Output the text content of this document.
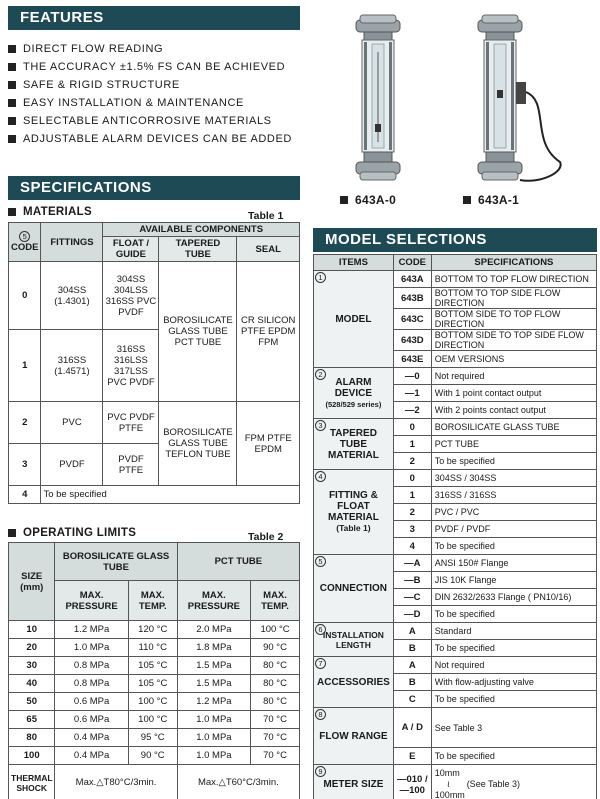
FEATURES
DIRECT FLOW READING
THE ACCURACY ±1.5% FS CAN BE ACHIEVED
SAFE & RIGID STRUCTURE
EASY INSTALLATION & MAINTENANCE
SELECTABLE ANTICORROSIVE MATERIALS
ADJUSTABLE ALARM DEVICES CAN BE ADDED
643A-0	643A-1
SPECIFICATIONS
MATERIALS	Table 1
5
CODE	FITTINGS	AVAILABLE COMPONENTS		
		FLOAT / GUIDE	TAPERED TUBE	SEAL
0	304SS (1.4301)	304SS 304LSS 316SS PVC PVDF	BOROSILICATE GLASS TUBE PCT TUBE	CR SILICON PTFE EPDM FPM
1	316SS (1.4571)	316SS 316LSS 317LSS PVC PVDF		
2	PVC	PVC PVDF PTFE	BOROSILICATE GLASS TUBE TEFLON TUBE	FPM PTFE EPDM
3	PVDF	PVDF PTFE		
4	To be specified			
OPERATING LIMITS	Table 2
SIZE (mm)	BOROSILICATE GLASS TUBE		PCT TUBE	
	MAX. PRESSURE	MAX. TEMP.	MAX. PRESSURE	MAX. TEMP.
10	1.2 MPa	120 °C	2.0 MPa	100 °C
20	1.0 MPa	110 °C	1.8 MPa	90 °C
30	0.8 MPa	105 °C	1.5 MPa	80 °C
40	0.8 MPa	105 °C	1.5 MPa	80 °C
50	0.6 MPa	100 °C	1.2 MPa	80 °C
65	0.6 MPa	100 °C	1.0 MPa	70 °C
80	0.4 MPa	95 °C	1.0 MPa	70 °C
100	0.4 MPa	90 °C	1.0 MPa	70 °C
THERMAL SHOCK	Max.△T80°C/3min.		Max.△T60°C/3min.	
MODEL SELECTIONS
ITEMS	CODE	SPECIFICATIONS

1
MODEL	643A	BOTTOM TO TOP FLOW DIRECTION
	643B	BOTTOM TO TOP SIDE FLOW DIRECTION
	643C	BOTTOM SIDE TO TOP FLOW DIRECTION
	643D	BOTTOM SIDE TO TOP SIDE FLOW DIRECTION
	643E	OEM VERSIONS

2
ALARM DEVICE
(528/529 series)	—0	Not required
	—1	With 1 point contact output
	—2	With 2 points contact output

3
TAPERED TUBE MATERIAL	0	BOROSILICATE GLASS TUBE
	1	PCT TUBE
	2	To be specified

4
FITTING & FLOAT MATERIAL
(Table 1)	0	304SS / 304SS
	1	316SS / 316SS
	2	PVC / PVC
	3	PVDF / PVDF
	4	To be specified

5
CONNECTION	—A	ANSI 150# Flange
	—B	JIS 10K Flange
	—C	DIN 2632/2633 Flange ( PN10/16)
	—D	To be specified

6 INSTALLATION LENGTH	A	Standard
	B	To be specified

7
ACCESSORIES	A	Not required
	B	With flow-adjusting valve
	C	To be specified

8
FLOW RANGE	A / D	See Table 3
	E	To be specified

9
METER SIZE	—010 / —100	10mm
≀ (See Table 3)
100mm
